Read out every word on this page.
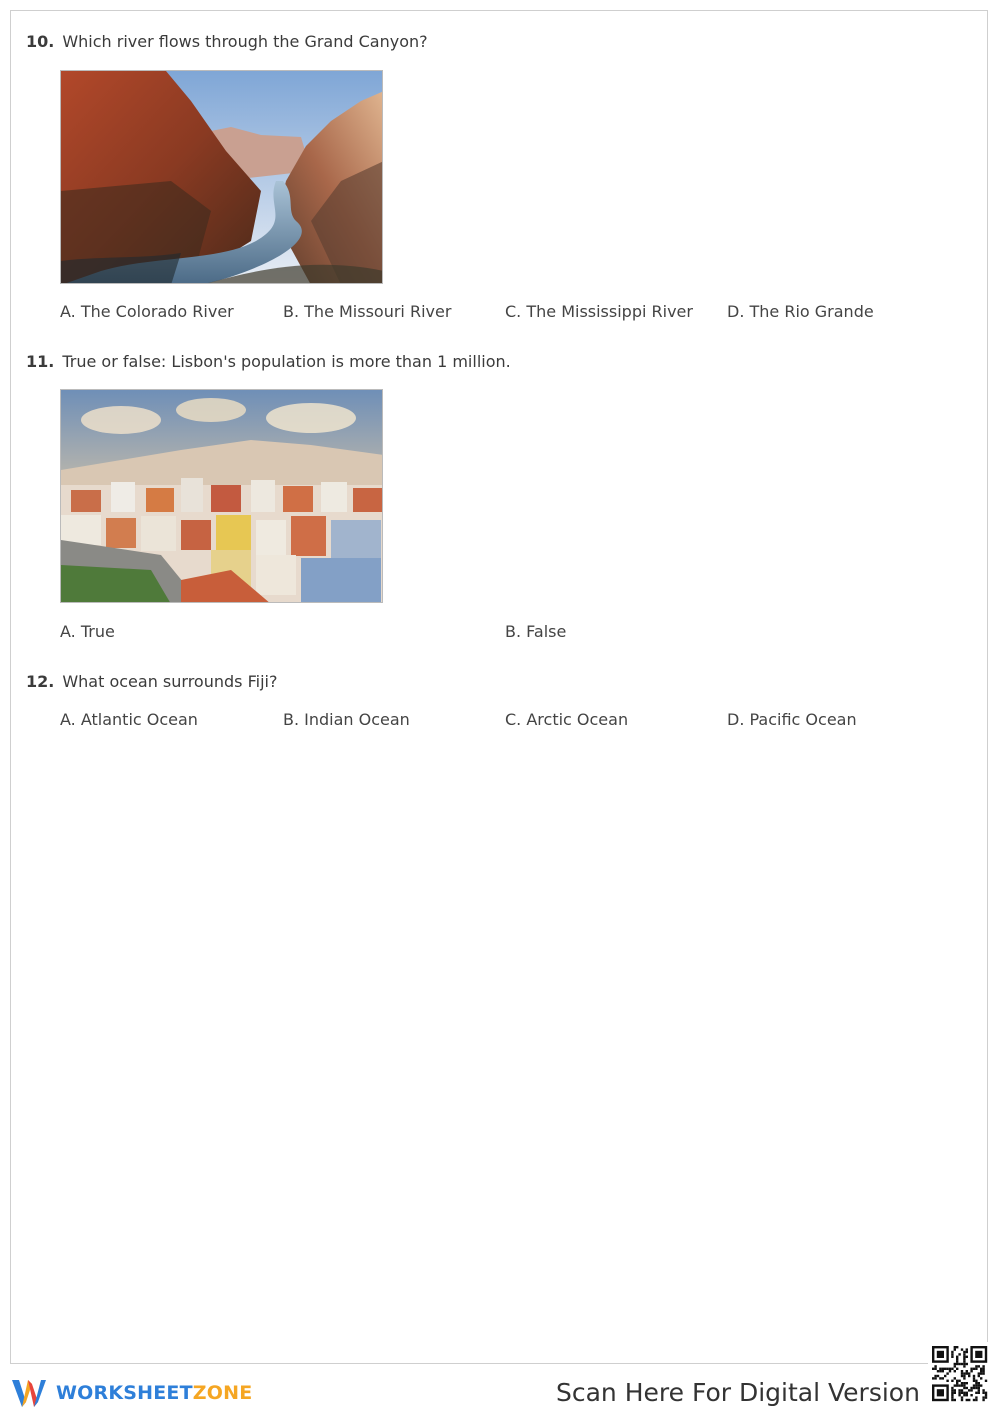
10. Which river flows through the Grand Canyon?
A. The Colorado River	B. The Missouri River	C. The Mississippi River D. The Rio Grande
11. True or false: Lisbon's population is more than 1 million.
A. True	B. False
12. What ocean surrounds Fiji?
A. Atlantic Ocean	B. Indian Ocean	C. Arctic Ocean	D. Pacific Ocean
WORKSHEETZONE	Scan Here For Digital Version
